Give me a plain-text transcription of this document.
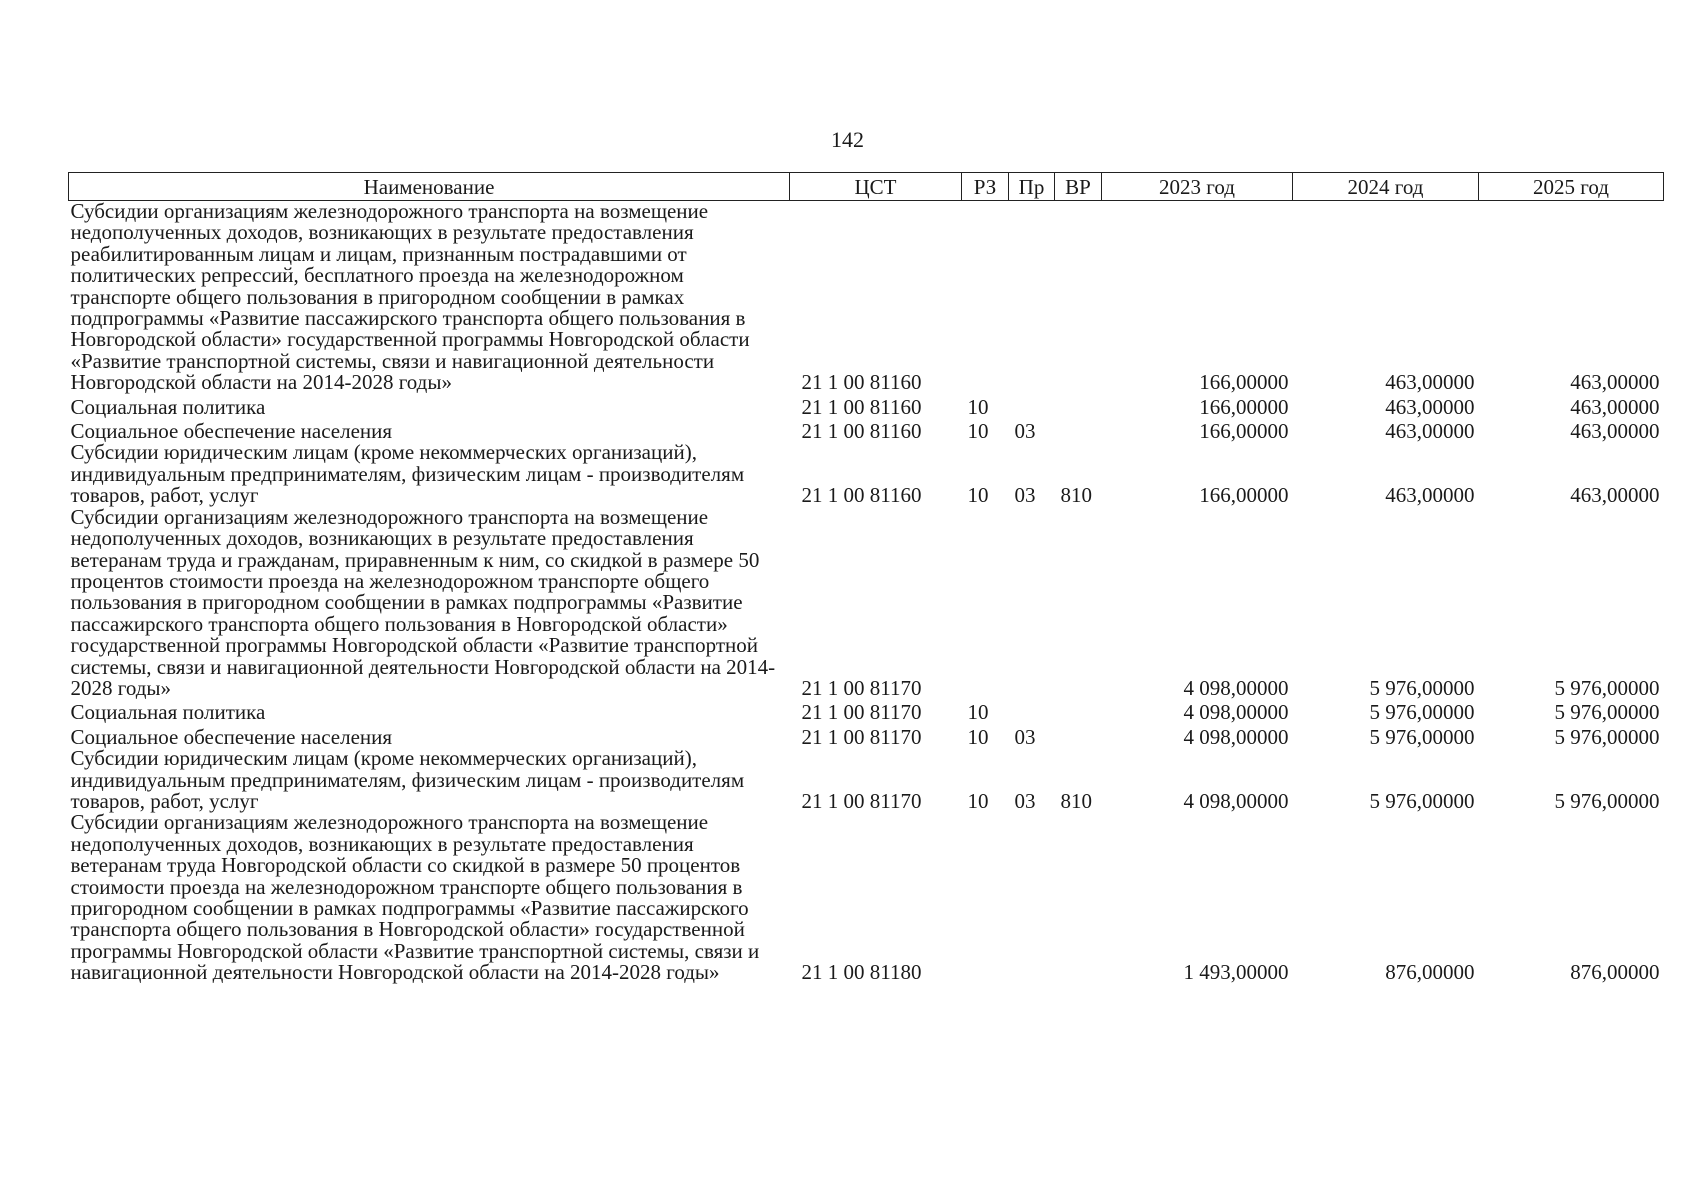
142
Наименование	ЦСТ	РЗ	Пр	ВР	2023 год	2024 год	2025 год
Субсидии организациям железнодорожного транспорта на возмещение недополученных доходов, возникающих в результате предоставления реабилитированным лицам и лицам, признанным пострадавшими от политических репрессий, бесплатного проезда на железнодорожном транспорте общего пользования в пригородном сообщении в рамках подпрограммы «Развитие пассажирского транспорта общего пользования в Новгородской области» государственной программы Новгородской области «Развитие транспортной системы, связи и навигационной деятельности Новгородской области на 2014-2028 годы»	21 1 00 81160				166,00000	463,00000	463,00000
Социальная политика	21 1 00 81160	10			166,00000	463,00000	463,00000
Социальное обеспечение населения	21 1 00 81160	10	03		166,00000	463,00000	463,00000
Субсидии юридическим лицам (кроме некоммерческих организаций), индивидуальным предпринимателям, физическим лицам - производителям товаров, работ, услуг	21 1 00 81160	10	03	810	166,00000	463,00000	463,00000
Субсидии организациям железнодорожного транспорта на возмещение недополученных доходов, возникающих в результате предоставления ветеранам труда и гражданам, приравненным к ним, со скидкой в размере 50 процентов стоимости проезда на железнодорожном транспорте общего пользования в пригородном сообщении в рамках подпрограммы «Развитие пассажирского транспорта общего пользования в Новгородской области» государственной программы Новгородской области «Развитие транспортной системы, связи и навигационной деятельности Новгородской области на 2014-2028 годы»	21 1 00 81170				4 098,00000	5 976,00000	5 976,00000
Социальная политика	21 1 00 81170	10			4 098,00000	5 976,00000	5 976,00000
Социальное обеспечение населения	21 1 00 81170	10	03		4 098,00000	5 976,00000	5 976,00000
Субсидии юридическим лицам (кроме некоммерческих организаций), индивидуальным предпринимателям, физическим лицам - производителям товаров, работ, услуг	21 1 00 81170	10	03	810	4 098,00000	5 976,00000	5 976,00000
Субсидии организациям железнодорожного транспорта на возмещение недополученных доходов, возникающих в результате предоставления ветеранам труда Новгородской области со скидкой в размере 50 процентов стоимости проезда на железнодорожном транспорте общего пользования в пригородном сообщении в рамках подпрограммы «Развитие пассажирского транспорта общего пользования в Новгородской области» государственной программы Новгородской области «Развитие транспортной системы, связи и навигационной деятельности Новгородской области на 2014-2028 годы»	21 1 00 81180				1 493,00000	876,00000	876,00000
